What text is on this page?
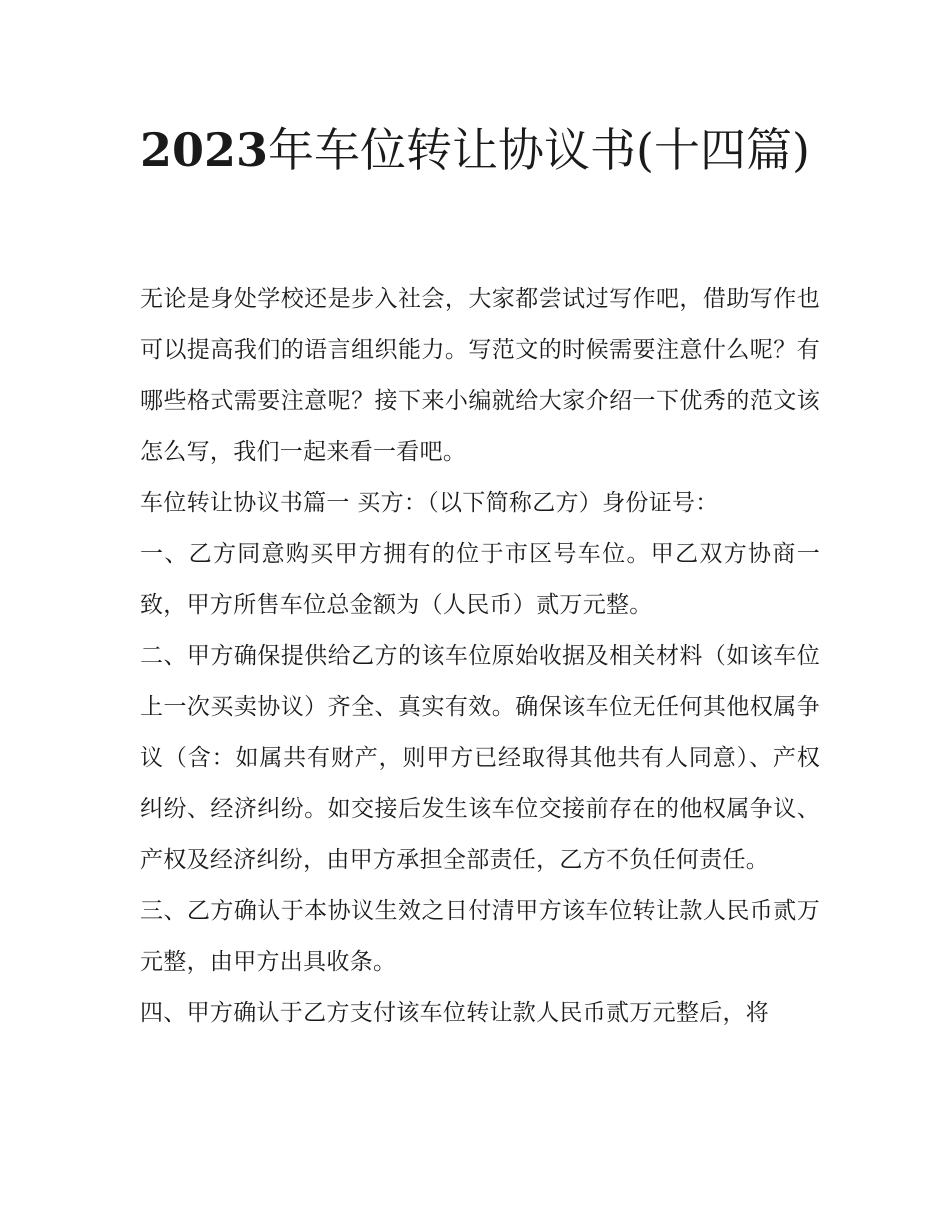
2023年车位转让协议书(十四篇)

无论是身处学校还是步入社会，大家都尝试过写作吧，借助写作也可以提高我们的语言组织能力。写范文的时候需要注意什么呢？有哪些格式需要注意呢？接下来小编就给大家介绍一下优秀的范文该怎么写，我们一起来看一看吧。

车位转让协议书篇一 买方：（以下简称乙方）身份证号：

一、乙方同意购买甲方拥有的位于市区号车位。甲乙双方协商一致，甲方所售车位总金额为（人民币）贰万元整。

二、甲方确保提供给乙方的该车位原始收据及相关材料（如该车位上一次买卖协议）齐全、真实有效。确保该车位无任何其他权属争议（含：如属共有财产，则甲方已经取得其他共有人同意）、产权纠纷、经济纠纷。如交接后发生该车位交接前存在的他权属争议、产权及经济纠纷，由甲方承担全部责任，乙方不负任何责任。

三、乙方确认于本协议生效之日付清甲方该车位转让款人民币贰万元整，由甲方出具收条。

四、甲方确认于乙方支付该车位转让款人民币贰万元整后，将
